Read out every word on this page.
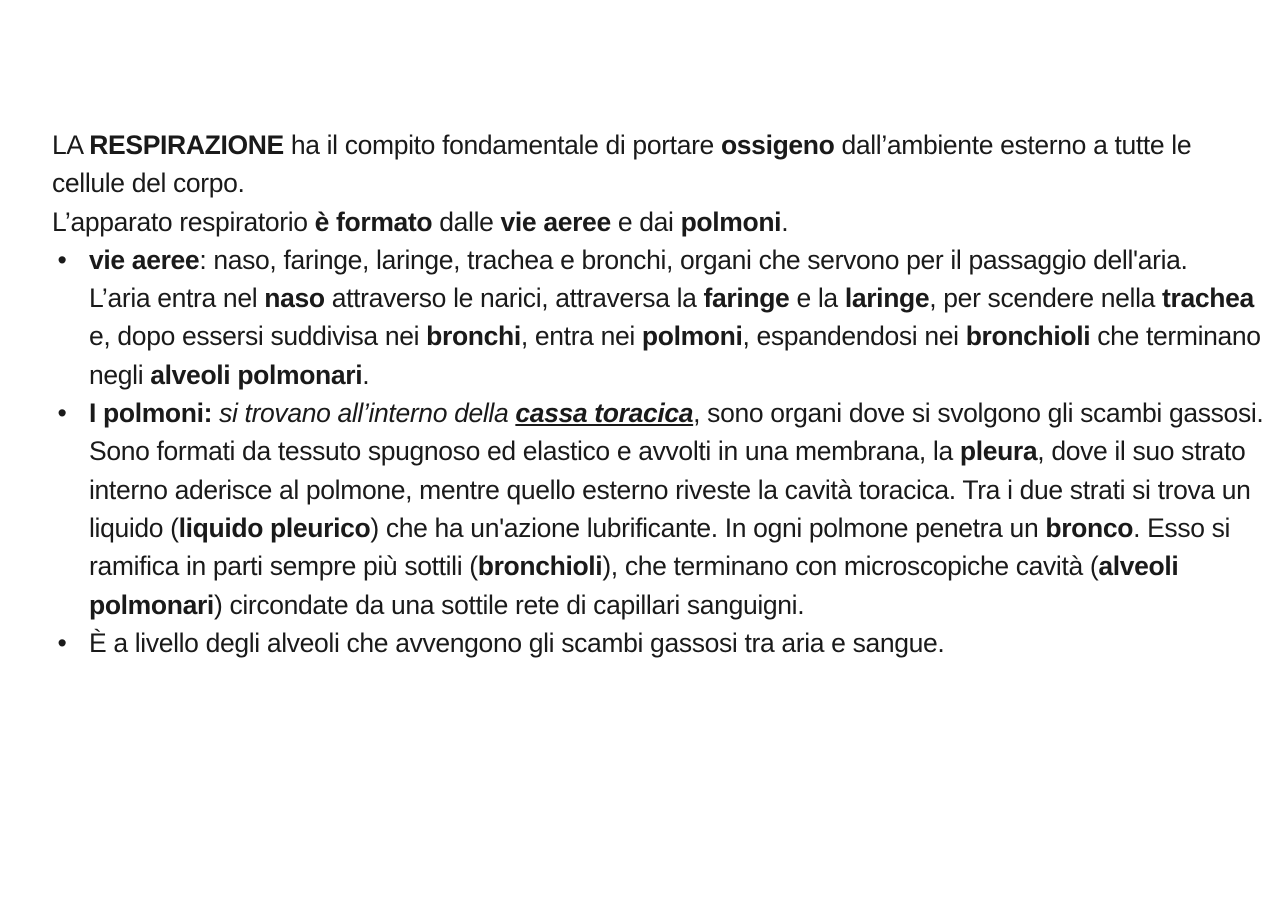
LA RESPIRAZIONE ha il compito fondamentale di portare ossigeno dall’ambiente esterno a tutte le cellule del corpo.

L’apparato respiratorio è formato dalle vie aeree e dai polmoni.

• vie aeree: naso, faringe, laringe, trachea e bronchi, organi che servono per il passaggio dell'aria.
L’aria entra nel naso attraverso le narici, attraversa la faringe e la laringe, per scendere nella trachea e, dopo essersi suddivisa nei bronchi, entra nei polmoni, espandendosi nei bronchioli che terminano negli alveoli polmonari.
• I polmoni: si trovano all’interno della cassa toracica, sono organi dove si svolgono gli scambi gassosi. Sono formati da tessuto spugnoso ed elastico e avvolti in una membrana, la pleura, dove il suo strato interno aderisce al polmone, mentre quello esterno riveste la cavità toracica. Tra i due strati si trova un liquido (liquido pleurico) che ha un'azione lubrificante. In ogni polmone penetra un bronco. Esso si ramifica in parti sempre più sottili (bronchioli), che terminano con microscopiche cavità (alveoli polmonari) circondate da una sottile rete di capillari sanguigni.
• È a livello degli alveoli che avvengono gli scambi gassosi tra aria e sangue.
